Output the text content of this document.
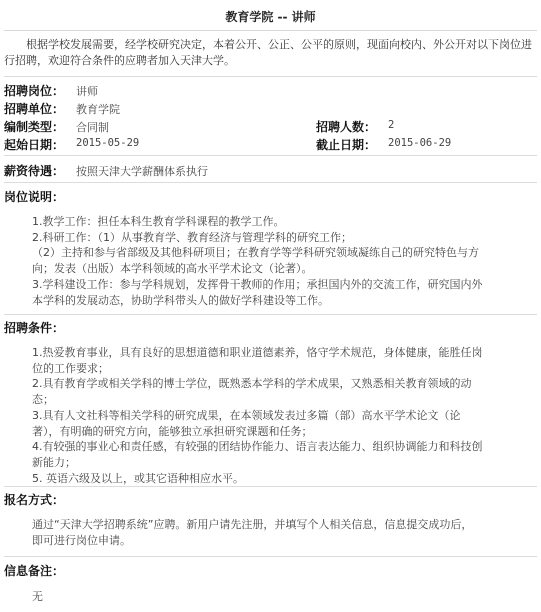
教育学院 -- 讲师
根据学校发展需要，经学校研究决定，本着公开、公正、公平的原则，现面向校内、外公开对以下岗位进行招聘，欢迎符合条件的应聘者加入天津大学。
招聘岗位： 讲师
招聘单位： 教育学院
编制类型： 合同制	招聘人数： 2
起始日期： 2015-05-29	截止日期： 2015-06-29
薪资待遇： 按照天津大学薪酬体系执行
岗位说明：

1.教学工作：担任本科生教育学科课程的教学工作。

2.科研工作：（1）从事教育学、教育经济与管理学科的研究工作；

（2）主持和参与省部级及其他科研项目；在教育学等学科研究领域凝练自己的研究特色与方

向；发表（出版）本学科领域的高水平学术论文（论著）。

3.学科建设工作：参与学科规划，发挥骨干教师的作用；承担国内外的交流工作，研究国内外

本学科的发展动态，协助学科带头人的做好学科建设等工作。

招聘条件：

1.热爱教育事业，具有良好的思想道德和职业道德素养，恪守学术规范，身体健康，能胜任岗

位的工作要求；

2.具有教育学或相关学科的博士学位，既熟悉本学科的学术成果，又熟悉相关教育领域的动

态；

3.具有人文社科等相关学科的研究成果，在本领域发表过多篇（部）高水平学术论文（论

著），有明确的研究方向，能够独立承担研究课题和任务；

4.有较强的事业心和责任感，有较强的团结协作能力、语言表达能力、组织协调能力和科技创

新能力；

5. 英语六级及以上，或其它语种相应水平。

报名方式：

通过“天津大学招聘系统”应聘。新用户请先注册，并填写个人相关信息，信息提交成功后，

即可进行岗位申请。

信息备注：
无
